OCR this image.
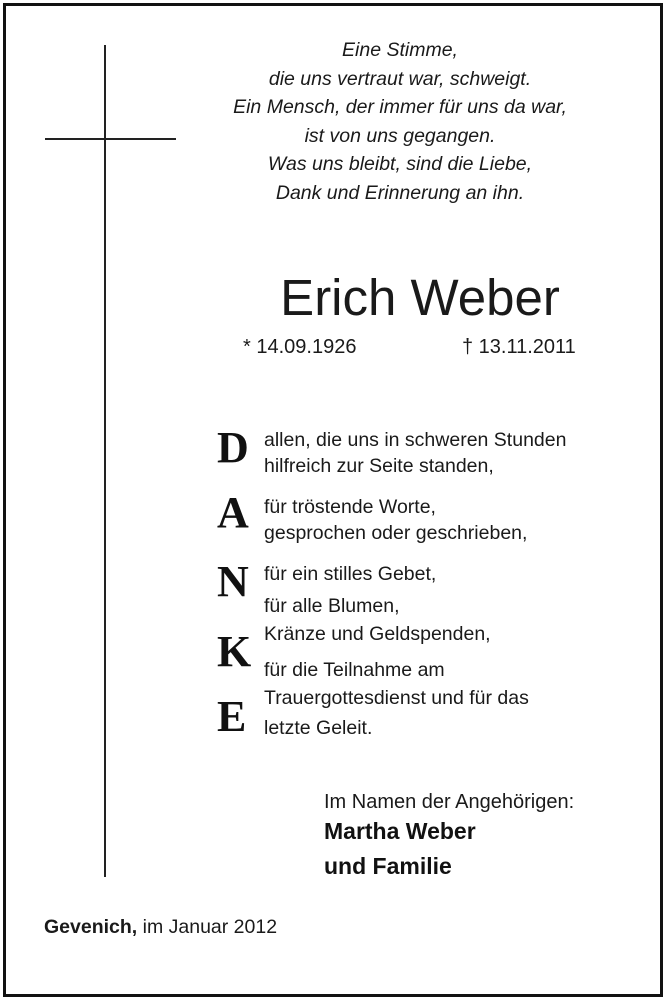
Eine Stimme,
die uns vertraut war, schweigt.
Ein Mensch, der immer für uns da war,
ist von uns gegangen.
Was uns bleibt, sind die Liebe,
Dank und Erinnerung an ihn.
Erich Weber
* 14.09.1926	† 13.11.2011
D
A
N
K
E
allen, die uns in schweren Stunden
hilfreich zur Seite standen,
für tröstende Worte,
gesprochen oder geschrieben,
für ein stilles Gebet,
für alle Blumen,
Kränze und Geldspenden,
für die Teilnahme am
Trauergottesdienst und für das
letzte Geleit.
Im Namen der Angehörigen:
Martha Weber
und Familie
Gevenich, im Januar 2012
